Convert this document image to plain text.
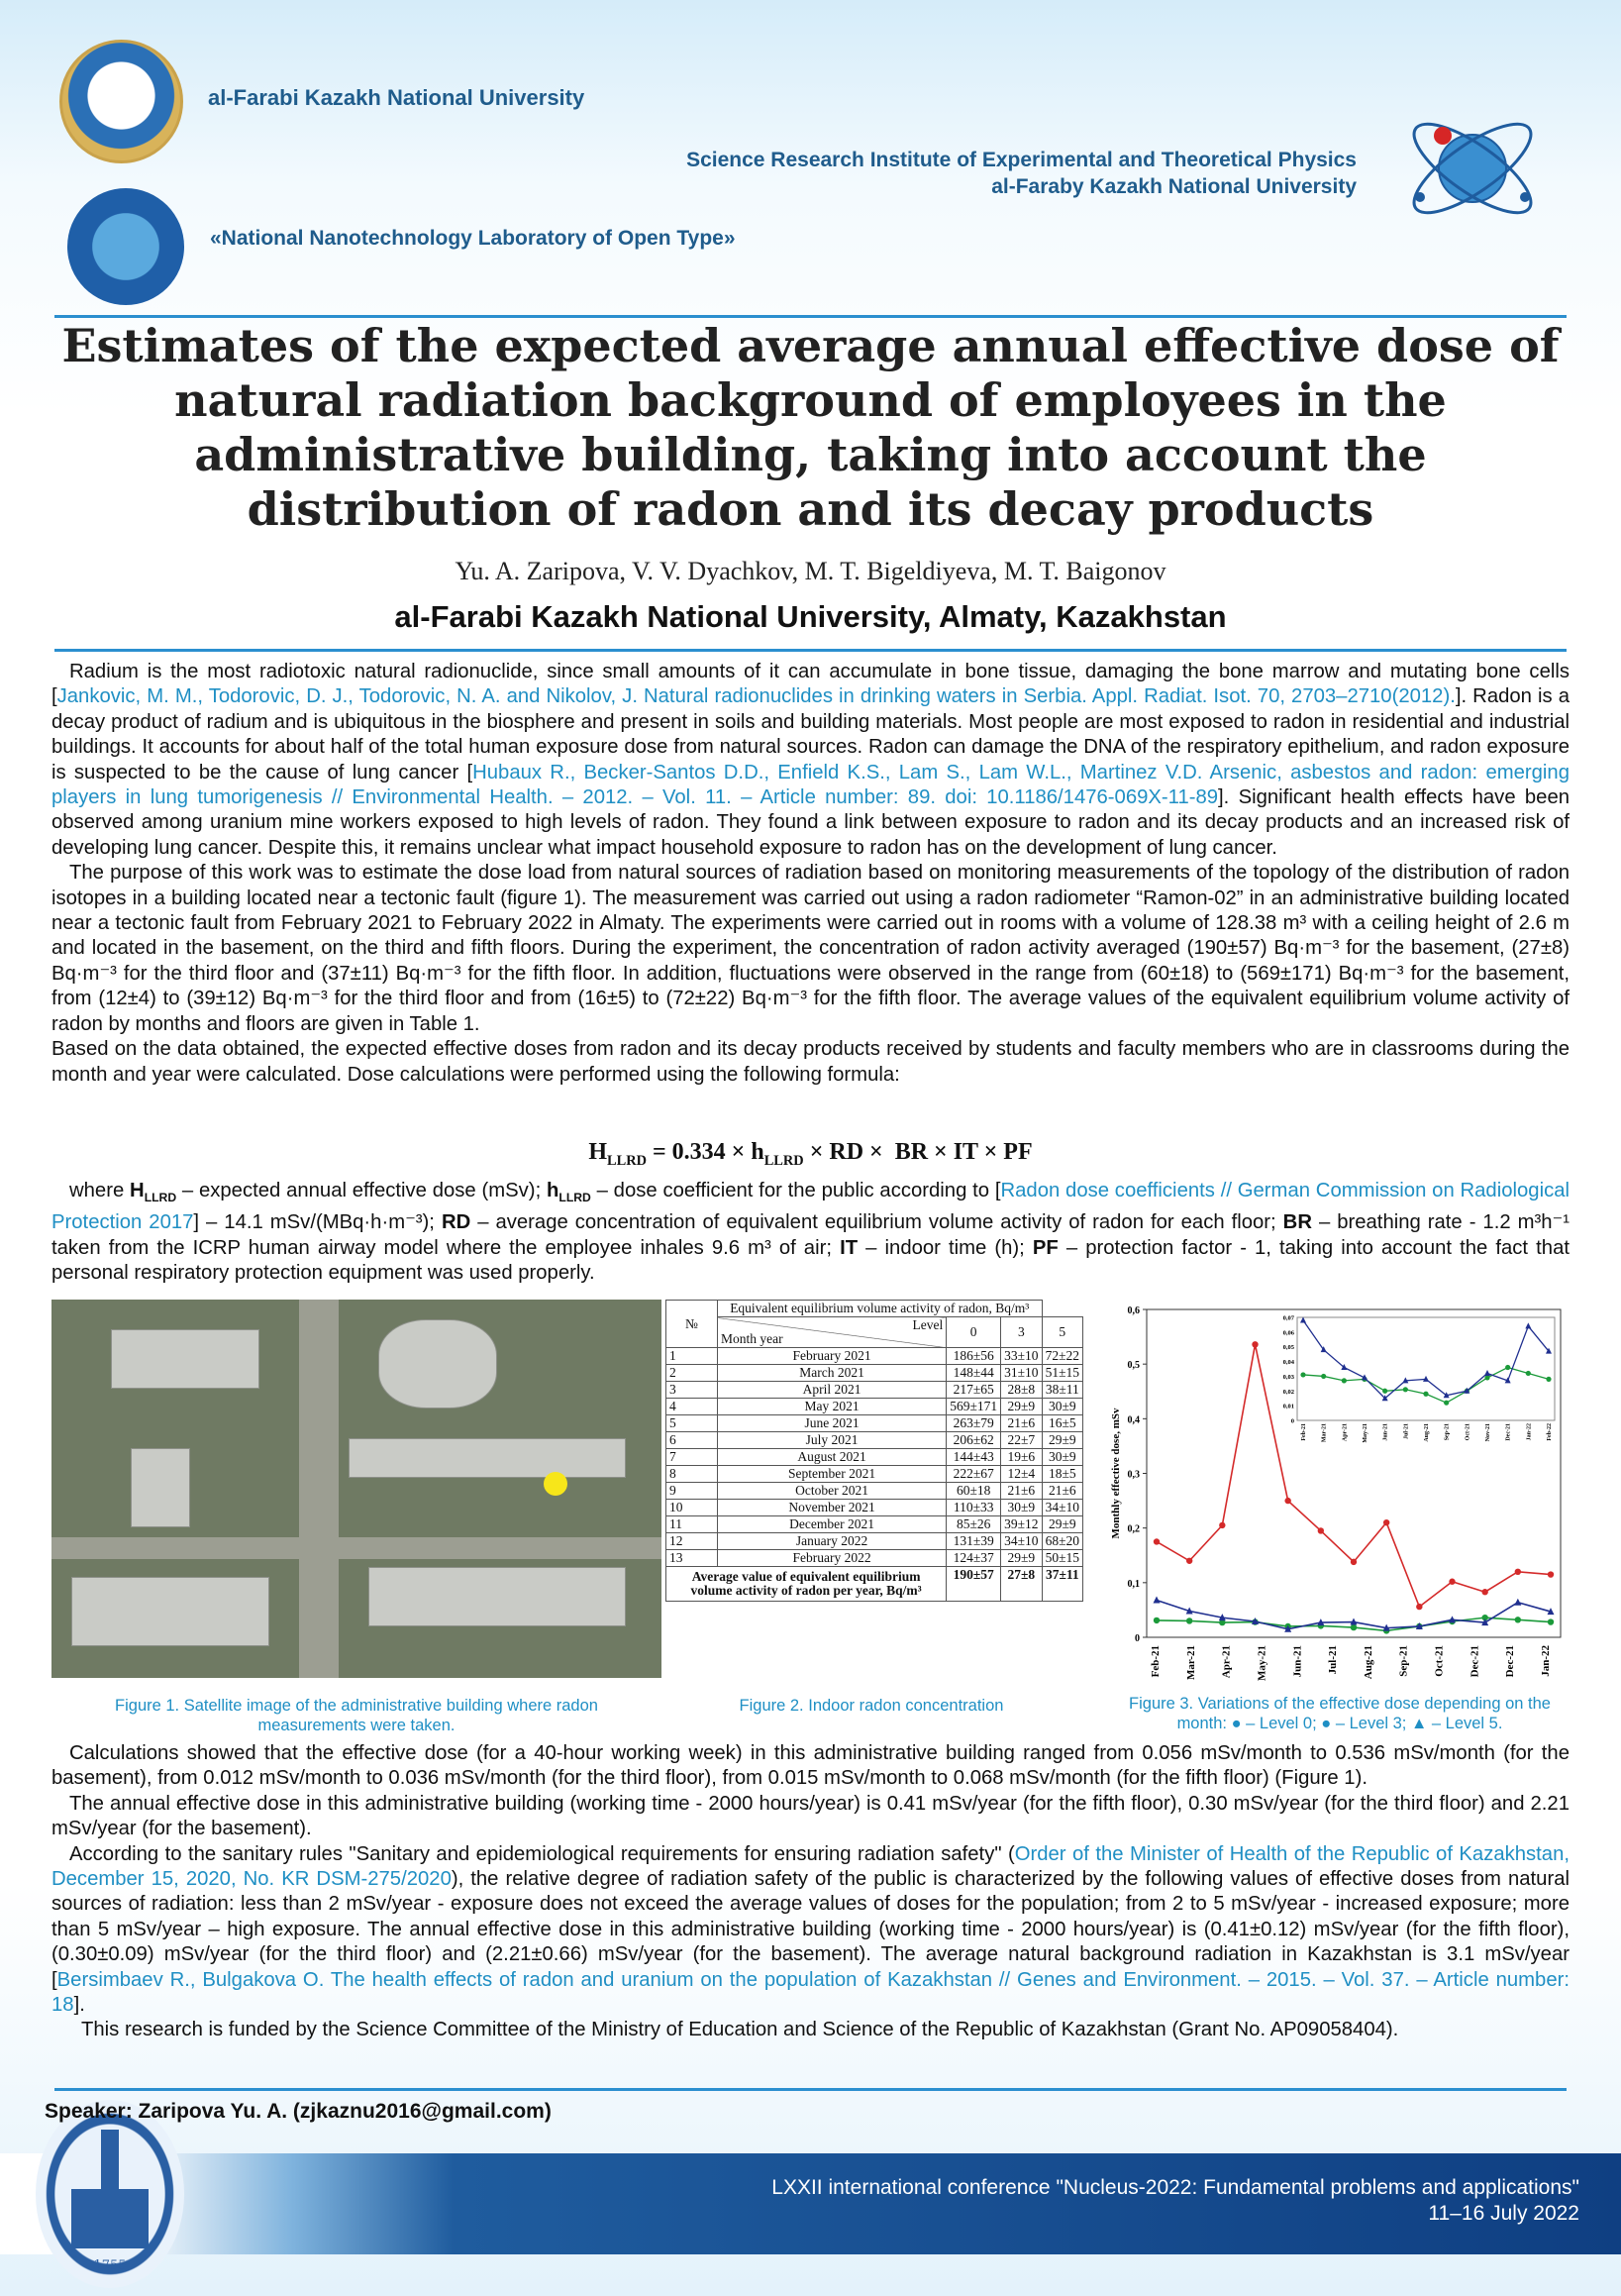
al-Farabi Kazakh National University
Science Research Institute of Experimental and Theoretical Physics
al-Faraby Kazakh National University
«National Nanotechnology Laboratory of Open Type»
Estimates of the expected average annual effective dose of natural radiation background of employees in the administrative building, taking into account the distribution of radon and its decay products
Yu. A. Zaripova, V. V. Dyachkov, M. T. Bigeldiyeva, M. T. Baigonov
al-Farabi Kazakh National University, Almaty, Kazakhstan

Radium is the most radiotoxic natural radionuclide, since small amounts of it can accumulate in bone tissue, damaging the bone marrow and mutating bone cells [Jankovic, M. M., Todorovic, D. J., Todorovic, N. A. and Nikolov, J. Natural radionuclides in drinking waters in Serbia. Appl. Radiat. Isot. 70, 2703–2710(2012).]. Radon is a decay product of radium and is ubiquitous in the biosphere and present in soils and building materials. Most people are most exposed to radon in residential and industrial buildings. It accounts for about half of the total human exposure dose from natural sources. Radon can damage the DNA of the respiratory epithelium, and radon exposure is suspected to be the cause of lung cancer [Hubaux R., Becker-Santos D.D., Enfield K.S., Lam S., Lam W.L., Martinez V.D. Arsenic, asbestos and radon: emerging players in lung tumorigenesis // Environmental Health. – 2012. – Vol. 11. – Article number: 89. doi: 10.1186/1476-069X-11-89]. Significant health effects have been observed among uranium mine workers exposed to high levels of radon. They found a link between exposure to radon and its decay products and an increased risk of developing lung cancer. Despite this, it remains unclear what impact household exposure to radon has on the development of lung cancer.

The purpose of this work was to estimate the dose load from natural sources of radiation based on monitoring measurements of the topology of the distribution of radon isotopes in a building located near a tectonic fault (figure 1). The measurement was carried out using a radon radiometer “Ramon-02” in an administrative building located near a tectonic fault from February 2021 to February 2022 in Almaty. The experiments were carried out in rooms with a volume of 128.38 m³ with a ceiling height of 2.6 m and located in the basement, on the third and fifth floors. During the experiment, the concentration of radon activity averaged (190±57) Bq·m⁻³ for the basement, (27±8) Bq·m⁻³ for the third floor and (37±11) Bq·m⁻³ for the fifth floor. In addition, fluctuations were observed in the range from (60±18) to (569±171) Bq·m⁻³ for the basement, from (12±4) to (39±12) Bq·m⁻³ for the third floor and from (16±5) to (72±22) Bq·m⁻³ for the fifth floor. The average values of the equivalent equilibrium volume activity of radon by months and floors are given in Table 1.

Based on the data obtained, the expected effective doses from radon and its decay products received by students and faculty members who are in classrooms during the month and year were calculated. Dose calculations were performed using the following formula:

$H_{LLRD} = 0.334 \times h_{LLRD}$ × RD ×  BR × IT × PF

where $H_{LLRD}$ – expected annual effective dose (mSv); $h_{LLRD}$ – dose coefficient for the public according to [Radon dose coefficients // German Commission on Radiological Protection 2017] – 14.1 mSv/(MBq·h·m⁻³); RD – average concentration of equivalent equilibrium volume activity of radon for each floor; BR – breathing rate - 1.2 m³h⁻¹ taken from the ICRP human airway model where the employee inhales 9.6 m³ of air; IT – indoor time (h); PF – protection factor - 1, taking into account the fact that personal respiratory protection equipment was used properly.

Figure 1. Satellite image of the administrative building where radon measurements were taken.
№	Equivalent equilibrium volume activity of radon, Bq/m³			

	Level
Month year	0	3	5
1	February 2021	186±56	33±10	72±22
2	March 2021	148±44	31±10	51±15
3	April 2021	217±65	28±8	38±11
4	May 2021	569±171	29±9	30±9
5	June 2021	263±79	21±6	16±5
6	July 2021	206±62	22±7	29±9
7	August 2021	144±43	19±6	30±9
8	September 2021	222±67	12±4	18±5
9	October 2021	60±18	21±6	21±6
10	November 2021	110±33	30±9	34±10
11	December 2021	85±26	39±12	29±9
12	January 2022	131±39	34±10	68±20
13	February 2022	124±37	29±9	50±15
Average value of equivalent equilibrium volume activity of radon per year, Bq/m³		190±57	27±8	37±11
Figure 2. Indoor radon concentration
0
0,1
0,2
0,3
0,4
0,5
0,6
Monthly effective dose, mSv
Feb-21 Mar-21 Apr-21 May-21 Jun-21 Jul-21 Aug-21 Sep-21 Oct-21 Dec-21 Dec-21 Jan-22
0
0,01
0,02
0,03
0,04
0,05
0,06
0,07
Feb-21 Mar-21 Apr-21 May-21 Jun-21 Jul-21 Aug-21 Sep-21 Oct-21 Nov-21 Dec-21 Jan-22 Feb-22
Figure 3. Variations of the effective dose depending on the month: ● – Level 0; ● – Level 3; ▲ – Level 5.

Calculations showed that the effective dose (for a 40-hour working week) in this administrative building ranged from 0.056 mSv/month to 0.536 mSv/month (for the basement), from 0.012 mSv/month to 0.036 mSv/month (for the third floor), from 0.015 mSv/month to 0.068 mSv/month (for the fifth floor) (Figure 1).

The annual effective dose in this administrative building (working time - 2000 hours/year) is 0.41 mSv/year (for the fifth floor), 0.30 mSv/year (for the third floor) and 2.21 mSv/year (for the basement).

According to the sanitary rules "Sanitary and epidemiological requirements for ensuring radiation safety" (Order of the Minister of Health of the Republic of Kazakhstan, December 15, 2020, No. KR DSM-275/2020), the relative degree of radiation safety of the public is characterized by the following values of effective doses from natural sources of radiation: less than 2 mSv/year - exposure does not exceed the average values of doses for the population; from 2 to 5 mSv/year - increased exposure; more than 5 mSv/year – high exposure. The annual effective dose in this administrative building (working time - 2000 hours/year) is (0.41±0.12) mSv/year (for the fifth floor), (0.30±0.09) mSv/year (for the third floor) and (2.21±0.66) mSv/year (for the basement). The average natural background radiation in Kazakhstan is 3.1 mSv/year [Bersimbaev R., Bulgakova O. The health effects of radon and uranium on the population of Kazakhstan // Genes and Environment. – 2015. – Vol. 37. – Article number: 18].

This research is funded by the Science Committee of the Ministry of Education and Science of the Republic of Kazakhstan (Grant No. AP09058404).

1755
Speaker: Zaripova Yu. A. (zjkaznu2016@gmail.com)
LXXII international conference "Nucleus-2022: Fundamental problems and applications"
11–16 July 2022
